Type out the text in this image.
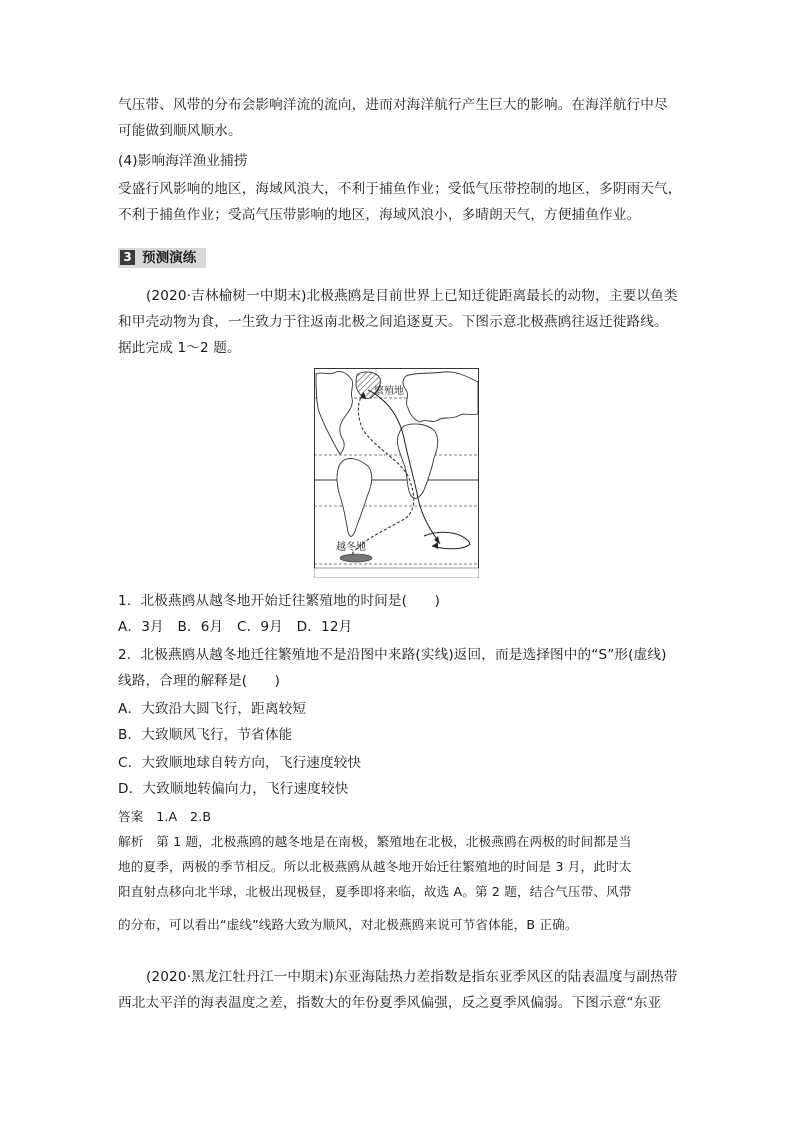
气压带、风带的分布会影响洋流的流向，进而对海洋航行产生巨大的影响。在海洋航行中尽
可能做到顺风顺水。
(4)影响海洋渔业捕捞
受盛行风影响的地区，海域风浪大，不利于捕鱼作业；受低气压带控制的地区，多阴雨天气，
不利于捕鱼作业；受高气压带影响的地区，海域风浪小，多晴朗天气，方便捕鱼作业。
3 预测演练
(2020·吉林榆树一中期末)北极燕鸥是目前世界上已知迁徙距离最长的动物，主要以鱼类
和甲壳动物为食，一生致力于往返南北极之间追逐夏天。下图示意北极燕鸥往返迁徙路线。
据此完成 1～2 题。
繁殖地
越冬地
1．北极燕鸥从越冬地开始迁往繁殖地的时间是(　　)
A．3月　B．6月　C．9月　D．12月
2．北极燕鸥从越冬地迁往繁殖地不是沿图中来路(实线)返回，而是选择图中的“S”形(虚线)
线路，合理的解释是(　　)
A．大致沿大圆飞行，距离较短
B．大致顺风飞行，节省体能
C．大致顺地球自转方向，飞行速度较快
D．大致顺地转偏向力，飞行速度较快
答案　1.A　2.B
解析　第 1 题，北极燕鸥的越冬地是在南极，繁殖地在北极，北极燕鸥在两极的时间都是当
地的夏季，两极的季节相反。所以北极燕鸥从越冬地开始迁往繁殖地的时间是 3 月，此时太
阳直射点移向北半球，北极出现极昼，夏季即将来临，故选 A。第 2 题，结合气压带、风带
的分布，可以看出“虚线”线路大致为顺风，对北极燕鸥来说可节省体能，B 正确。
(2020·黑龙江牡丹江一中期末)东亚海陆热力差指数是指东亚季风区的陆表温度与副热带
西北太平洋的海表温度之差，指数大的年份夏季风偏强，反之夏季风偏弱。下图示意“东亚
